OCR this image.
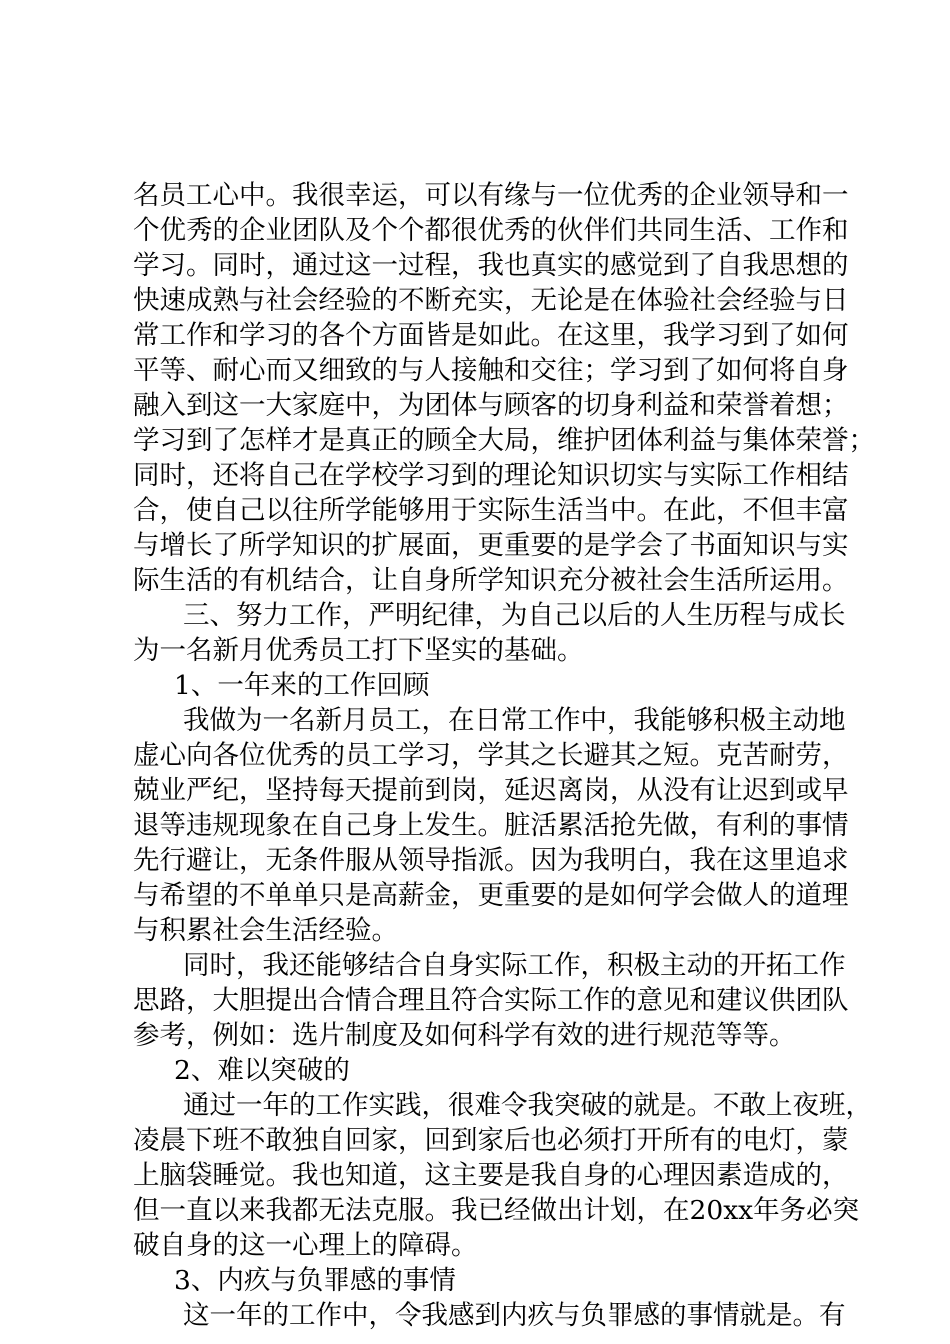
名员工心中。我很幸运，可以有缘与一位优秀的企业领导和一
个优秀的企业团队及个个都很优秀的伙伴们共同生活、工作和
学习。同时，通过这一过程，我也真实的感觉到了自我思想的
快速成熟与社会经验的不断充实，无论是在体验社会经验与日
常工作和学习的各个方面皆是如此。在这里，我学习到了如何
平等、耐心而又细致的与人接触和交往；学习到了如何将自身
融入到这一大家庭中，为团体与顾客的切身利益和荣誉着想；
学习到了怎样才是真正的顾全大局，维护团体利益与集体荣誉；
同时，还将自己在学校学习到的理论知识切实与实际工作相结
合，使自己以往所学能够用于实际生活当中。在此，不但丰富
与增长了所学知识的扩展面，更重要的是学会了书面知识与实
际生活的有机结合，让自身所学知识充分被社会生活所运用。
三、努力工作，严明纪律，为自己以后的人生历程与成长
为一名新月优秀员工打下坚实的基础。
1、一年来的工作回顾
我做为一名新月员工，在日常工作中，我能够积极主动地
虚心向各位优秀的员工学习，学其之长避其之短。克苦耐劳，
兢业严纪，坚持每天提前到岗，延迟离岗，从没有让迟到或早
退等违规现象在自己身上发生。脏活累活抢先做，有利的事情
先行避让，无条件服从领导指派。因为我明白，我在这里追求
与希望的不单单只是高薪金，更重要的是如何学会做人的道理
与积累社会生活经验。
同时，我还能够结合自身实际工作，积极主动的开拓工作
思路，大胆提出合情合理且符合实际工作的意见和建议供团队
参考，例如：选片制度及如何科学有效的进行规范等等。
2、难以突破的
通过一年的工作实践，很难令我突破的就是。不敢上夜班，
凌晨下班不敢独自回家，回到家后也必须打开所有的电灯，蒙
上脑袋睡觉。我也知道，这主要是我自身的心理因素造成的，
但一直以来我都无法克服。我已经做出计划，在20xx年务必突
破自身的这一心理上的障碍。
3、内疚与负罪感的事情
这一年的工作中，令我感到内疚与负罪感的事情就是。有
